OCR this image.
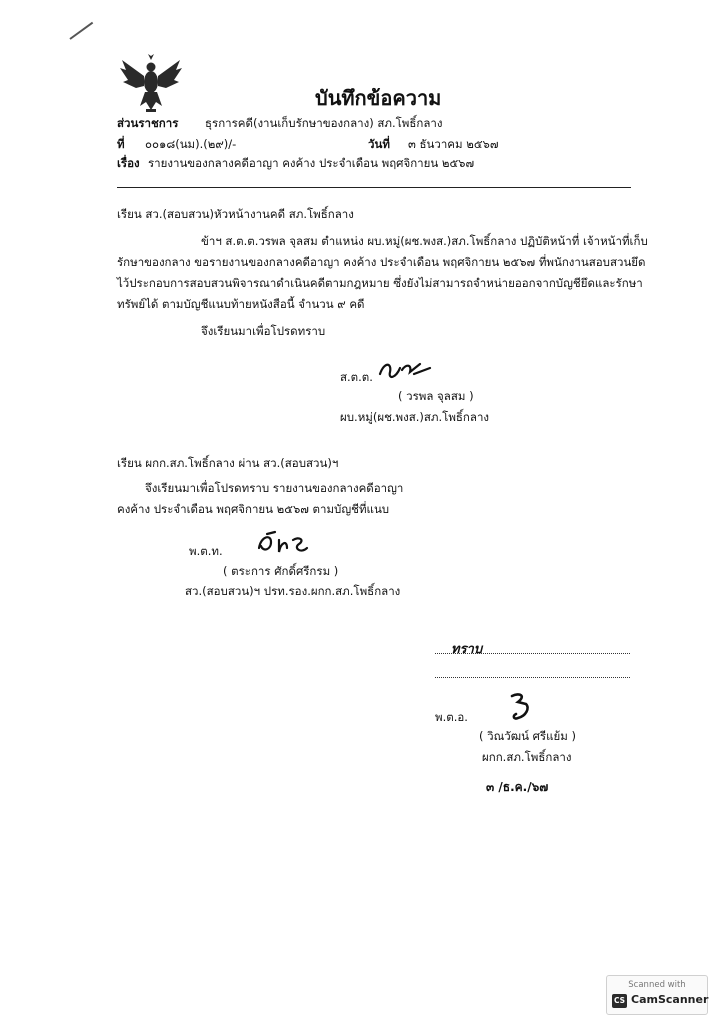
บันทึกข้อความ
ส่วนราชการ ธุรการคดี(งานเก็บรักษาของกลาง) สภ.โพธิ์กลาง
ที่ ๐๐๑๘(นม).(๒๙)/-	วันที่ ๓ ธันวาคม ๒๕๖๗
เรื่อง รายงานของกลางคดีอาญา คงค้าง ประจำเดือน พฤศจิกายน ๒๕๖๗
เรียน สว.(สอบสวน)หัวหน้างานคดี สภ.โพธิ์กลาง
ข้าฯ ส.ต.ต.วรพล จุลสม ตำแหน่ง ผบ.หมู่(ผช.พงส.)สภ.โพธิ์กลาง ปฏิบัติหน้าที่ เจ้าหน้าที่เก็บ
รักษาของกลาง ขอรายงานของกลางคดีอาญา คงค้าง ประจำเดือน พฤศจิกายน ๒๕๖๗ ที่พนักงานสอบสวนยึด
ไว้ประกอบการสอบสวนพิจารณาดำเนินคดีตามกฎหมาย ซึ่งยังไม่สามารถจำหน่ายออกจากบัญชียึดและรักษา
ทรัพย์ได้ ตามบัญชีแนบท้ายหนังสือนี้ จำนวน ๙ คดี
จึงเรียนมาเพื่อโปรดทราบ
ส.ต.ต.
( วรพล จุลสม )
ผบ.หมู่(ผช.พงส.)สภ.โพธิ์กลาง
เรียน ผกก.สภ.โพธิ์กลาง ผ่าน สว.(สอบสวน)ฯ
จึงเรียนมาเพื่อโปรดทราบ รายงานของกลางคดีอาญา
คงค้าง ประจำเดือน พฤศจิกายน ๒๕๖๗ ตามบัญชีที่แนบ
พ.ต.ท.
( ตระการ ศักดิ์ศรีกรม )
สว.(สอบสวน)ฯ ปรท.รอง.ผกก.สภ.โพธิ์กลาง
ทราบ
พ.ต.อ.
( วิณวัฒน์ ศรีแย้ม )
ผกก.สภ.โพธิ์กลาง
๓ /ธ.ค./๖๗
Scanned with
CS CamScanner
